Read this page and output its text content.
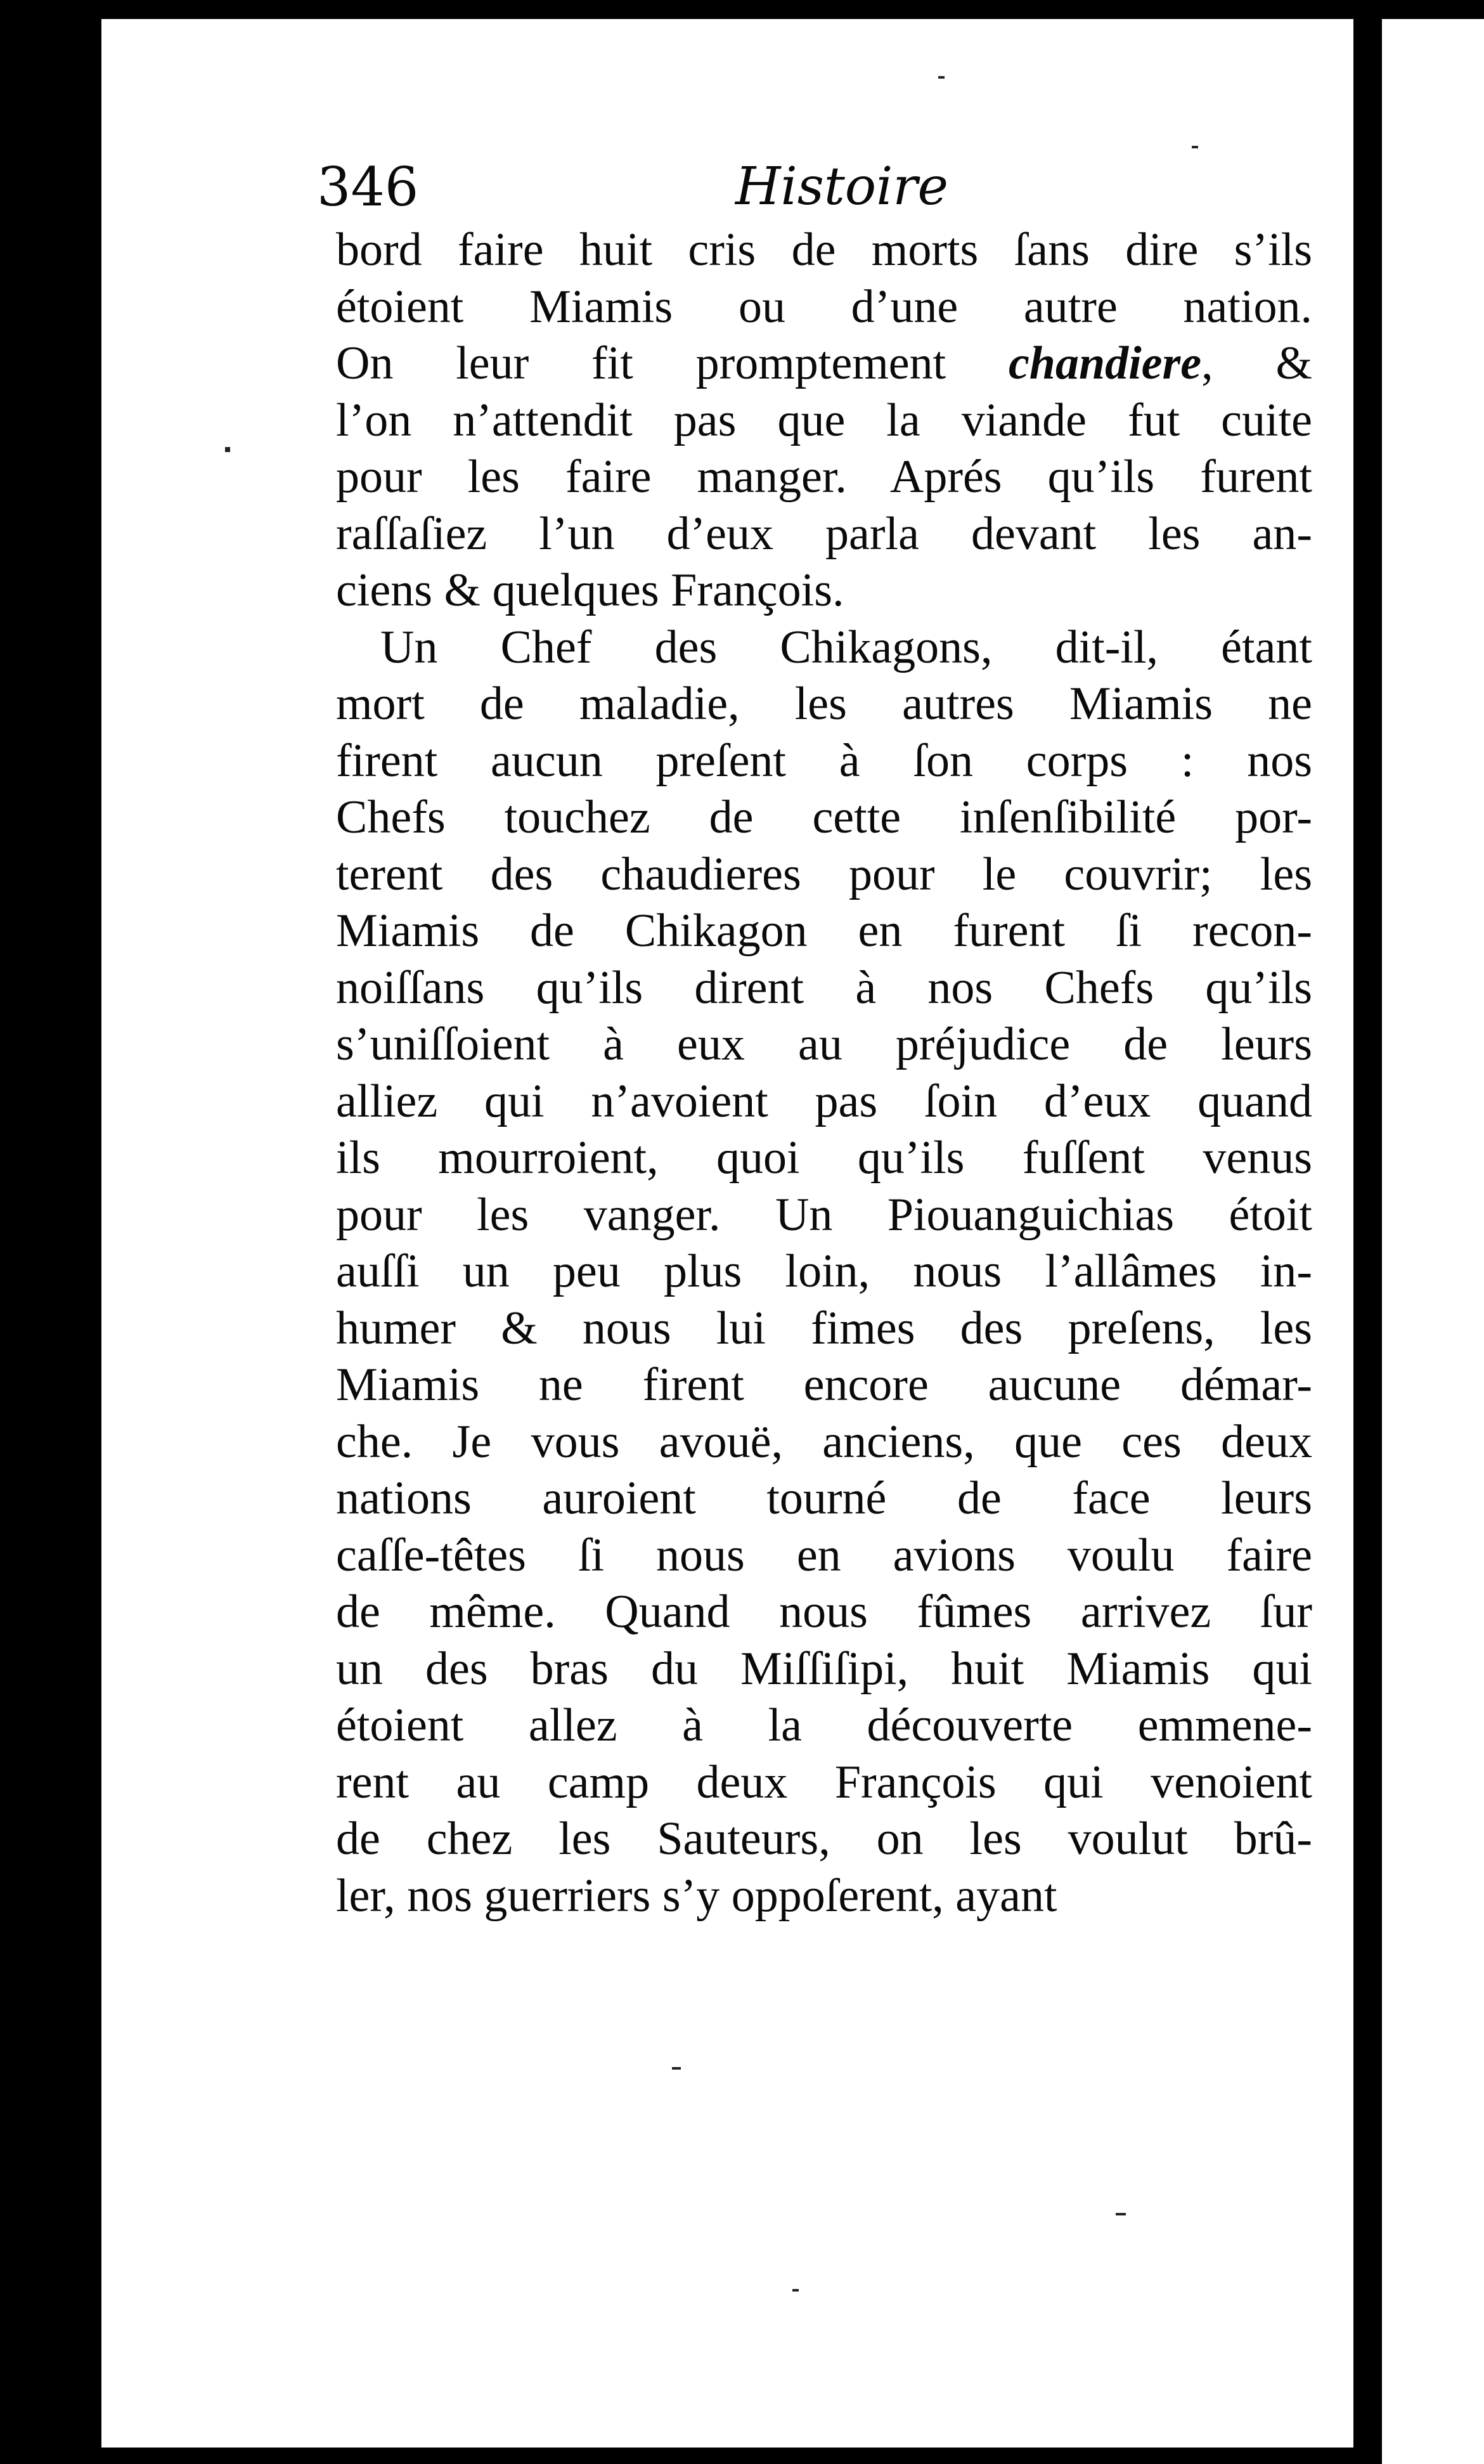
346	Histoire
bord faire huit cris de morts ſans dire s’ils
étoient Miamis ou d’une autre nation.
On leur fit promptement chandiere, &
l’on n’attendit pas que la viande fut cuite
pour les faire manger. Aprés qu’ils furent
raſſaſiez l’un d’eux parla devant les an-
ciens & quelques François.
Un Chef des Chikagons, dit-il, étant
mort de maladie, les autres Miamis ne
firent aucun preſent à ſon corps : nos
Chefs touchez de cette inſenſibilité por-
terent des chaudieres pour le couvrir; les
Miamis de Chikagon en furent ſi recon-
noiſſans qu’ils dirent à nos Chefs qu’ils
s’uniſſoient à eux au préjudice de leurs
alliez qui n’avoient pas ſoin d’eux quand
ils mourroient, quoi qu’ils fuſſent venus
pour les vanger. Un Piouanguichias étoit
auſſi un peu plus loin, nous l’allâmes in-
humer & nous lui fimes des preſens, les
Miamis ne firent encore aucune démar-
che. Je vous avouë, anciens, que ces deux
nations auroient tourné de face leurs
caſſe-têtes ſi nous en avions voulu faire
de même. Quand nous fûmes arrivez ſur
un des bras du Miſſiſipi, huit Miamis qui
étoient allez à la découverte emmene-
rent au camp deux François qui venoient
de chez les Sauteurs, on les voulut brû-
ler, nos guerriers s’y oppoſerent, ayant
